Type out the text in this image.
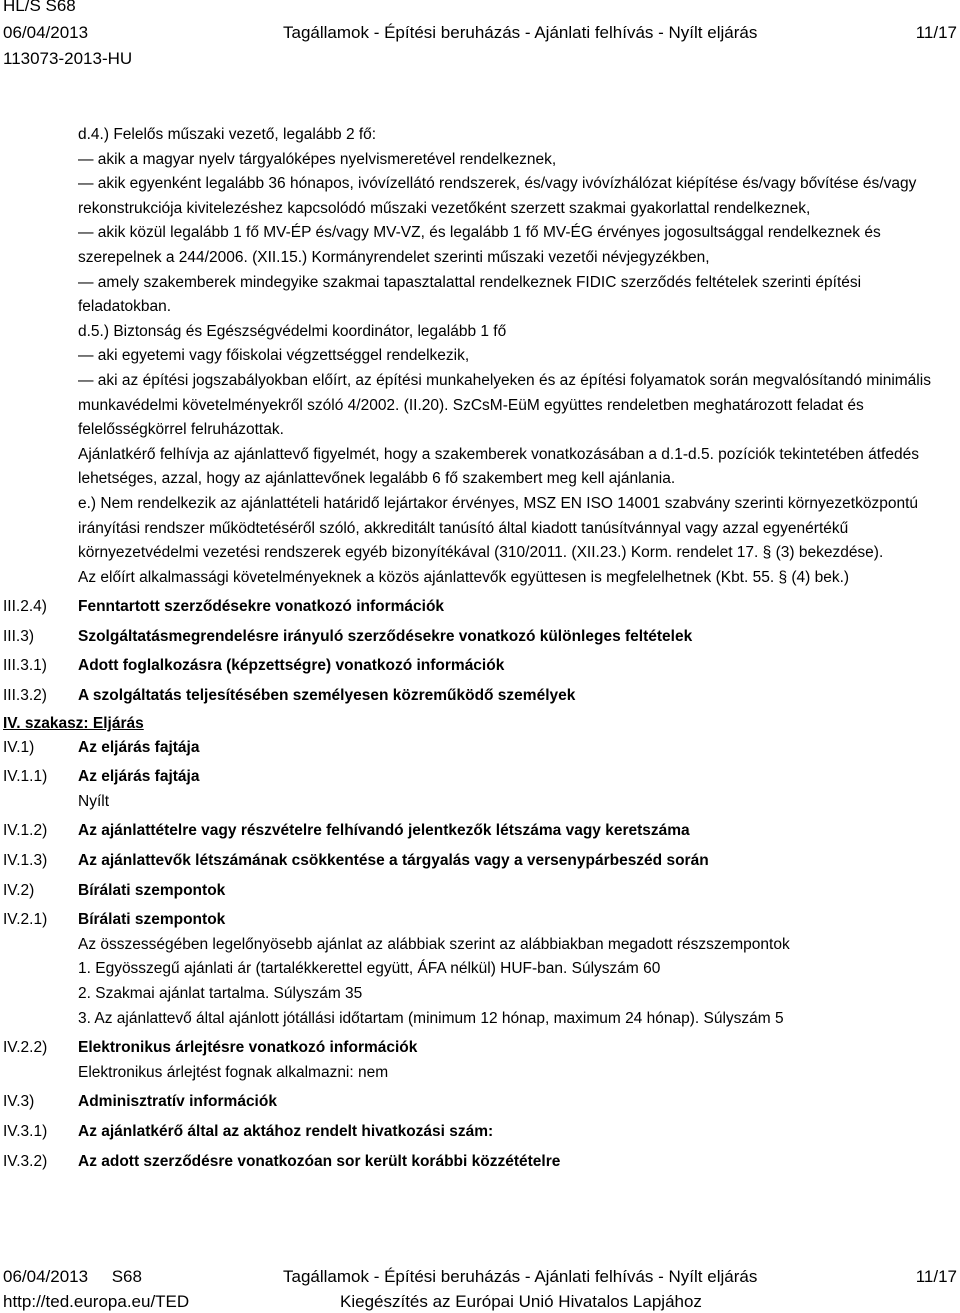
HL/S S68
06/04/2013
113073-2013-HU
Tagállamok - Építési beruházás - Ajánlati felhívás - Nyílt eljárás	11/17
d.4.) Felelős műszaki vezető, legalább 2 fő:
— akik a magyar nyelv tárgyalóképes nyelvismeretével rendelkeznek,
— akik egyenként legalább 36 hónapos, ivóvízellátó rendszerek, és/vagy ivóvízhálózat kiépítése és/vagy bővítése és/vagy rekonstrukciója kivitelezéshez kapcsolódó műszaki vezetőként szerzett szakmai gyakorlattal rendelkeznek,
— akik közül legalább 1 fő MV-ÉP és/vagy MV-VZ, és legalább 1 fő MV-ÉG érvényes jogosultsággal rendelkeznek és szerepelnek a 244/2006. (XII.15.) Kormányrendelet szerinti műszaki vezetői névjegyzékben,
— amely szakemberek mindegyike szakmai tapasztalattal rendelkeznek FIDIC szerződés feltételek szerinti építési feladatokban.
d.5.) Biztonság és Egészségvédelmi koordinátor, legalább 1 fő
— aki egyetemi vagy főiskolai végzettséggel rendelkezik,
— aki az építési jogszabályokban előírt, az építési munkahelyeken és az építési folyamatok során megvalósítandó minimális munkavédelmi követelményekről szóló 4/2002. (II.20). SzCsM-EüM együttes rendeletben meghatározott feladat és felelősségkörrel felruházottak.
Ajánlatkérő felhívja az ajánlattevő figyelmét, hogy a szakemberek vonatkozásában a d.1-d.5. pozíciók tekintetében átfedés lehetséges, azzal, hogy az ajánlattevőnek legalább 6 fő szakembert meg kell ajánlania.
e.) Nem rendelkezik az ajánlattételi határidő lejártakor érvényes, MSZ EN ISO 14001 szabvány szerinti környezetközpontú irányítási rendszer működtetéséről szóló, akkreditált tanúsító által kiadott tanúsítvánnyal vagy azzal egyenértékű környezetvédelmi vezetési rendszerek egyéb bizonyítékával (310/2011. (XII.23.) Korm. rendelet 17. § (3) bekezdése).
Az előírt alkalmassági követelményeknek a közös ajánlattevők együttesen is megfelelhetnek (Kbt. 55. § (4) bek.)
III.2.4) Fenntartott szerződésekre vonatkozó információk
III.3)	Szolgáltatásmegrendelésre irányuló szerződésekre vonatkozó különleges feltételek
III.3.1) Adott foglalkozásra (képzettségre) vonatkozó információk
III.3.2) A szolgáltatás teljesítésében személyesen közreműködő személyek
IV. szakasz: Eljárás
IV.1)	Az eljárás fajtája
IV.1.1) Az eljárás fajtája
Nyílt
IV.1.2) Az ajánlattételre vagy részvételre felhívandó jelentkezők létszáma vagy keretszáma
IV.1.3) Az ajánlattevők létszámának csökkentése a tárgyalás vagy a versenypárbeszéd során
IV.2)	Bírálati szempontok
IV.2.1) Bírálati szempontok
Az összességében legelőnyösebb ajánlat az alábbiak szerint az alábbiakban megadott részszempontok
1. Egyösszegű ajánlati ár (tartalékkerettel együtt, ÁFA nélkül) HUF-ban. Súlyszám 60
2. Szakmai ajánlat tartalma. Súlyszám 35
3. Az ajánlattevő által ajánlott jótállási időtartam (minimum 12 hónap, maximum 24 hónap). Súlyszám 5
IV.2.2) Elektronikus árlejtésre vonatkozó információk
Elektronikus árlejtést fognak alkalmazni: nem
IV.3)	Adminisztratív információk
IV.3.1) Az ajánlatkérő által az aktához rendelt hivatkozási szám:
IV.3.2) Az adott szerződésre vonatkozóan sor került korábbi közzétételre
06/04/2013     S68
http://ted.europa.eu/TED
Tagállamok - Építési beruházás - Ajánlati felhívás - Nyílt eljárás
Kiegészítés az Európai Unió Hivatalos Lapjához
11/17
